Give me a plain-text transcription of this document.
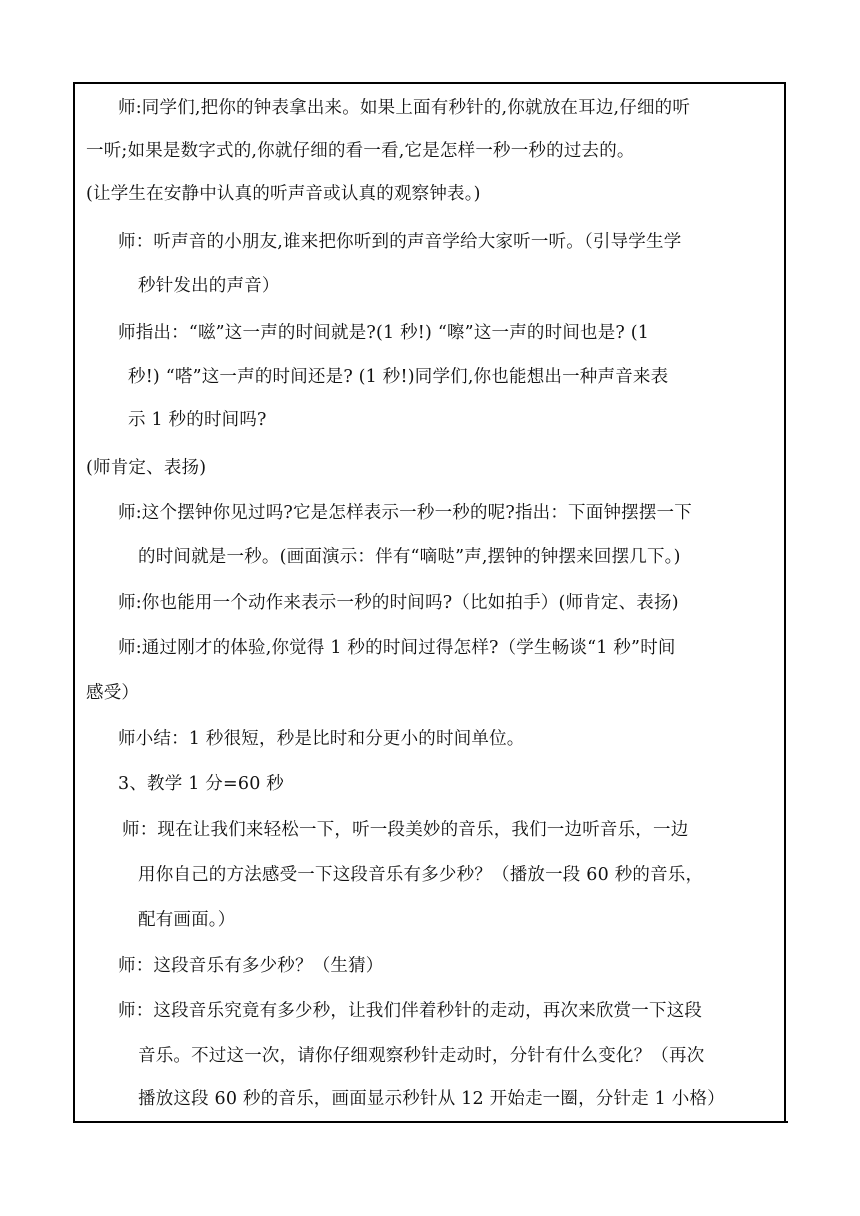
师:同学们,把你的钟表拿出来。如果上面有秒针的,你就放在耳边,仔细的听
一听;如果是数字式的,你就仔细的看一看,它是怎样一秒一秒的过去的。
(让学生在安静中认真的听声音或认真的观察钟表。)
师：听声音的小朋友,谁来把你听到的声音学给大家听一听。（引导学生学
秒针发出的声音）
师指出：“嗞”这一声的时间就是?(1 秒!) “嚓”这一声的时间也是? (1
秒!) “嗒”这一声的时间还是? (1 秒!)同学们,你也能想出一种声音来表
示 1 秒的时间吗?
(师肯定、表扬)
师:这个摆钟你见过吗?它是怎样表示一秒一秒的呢?指出：下面钟摆摆一下
的时间就是一秒。(画面演示：伴有“嘀哒”声,摆钟的钟摆来回摆几下。)
师:你也能用一个动作来表示一秒的时间吗?（比如拍手）(师肯定、表扬)
师:通过刚才的体验,你觉得 1 秒的时间过得怎样?（学生畅谈“1 秒”时间
感受）
师小结：1 秒很短，秒是比时和分更小的时间单位。
3、教学 1 分=60 秒
师：现在让我们来轻松一下，听一段美妙的音乐，我们一边听音乐，一边
用你自己的方法感受一下这段音乐有多少秒？（播放一段 60 秒的音乐，
配有画面。）
师：这段音乐有多少秒？（生猜）
师：这段音乐究竟有多少秒，让我们伴着秒针的走动，再次来欣赏一下这段
音乐。不过这一次，请你仔细观察秒针走动时，分针有什么变化？（再次
播放这段 60 秒的音乐，画面显示秒针从 12 开始走一圈，分针走 1 小格）
